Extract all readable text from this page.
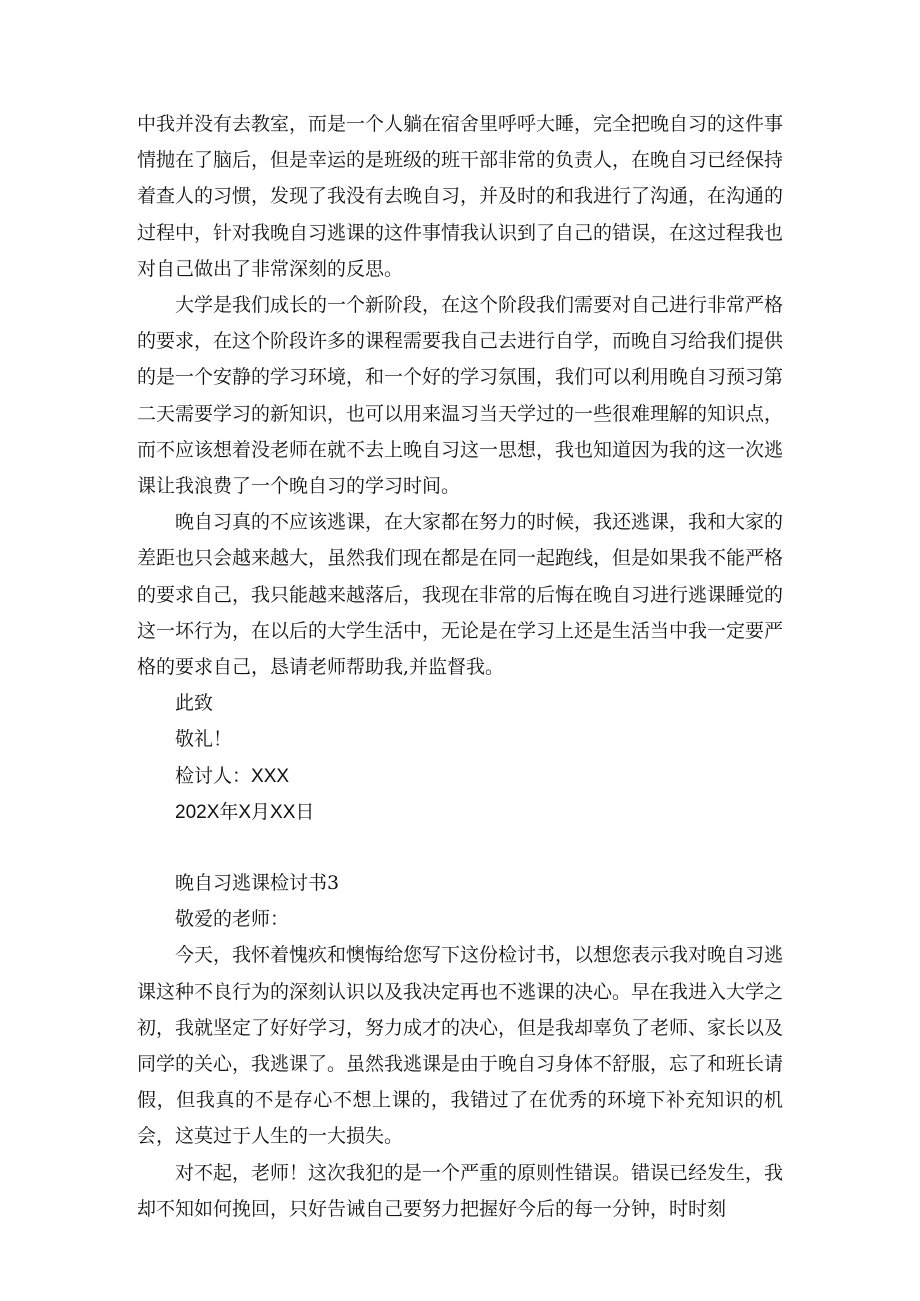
中我并没有去教室，而是一个人躺在宿舍里呼呼大睡，完全把晚自习的这件事情抛在了脑后，但是幸运的是班级的班干部非常的负责人，在晚自习已经保持着查人的习惯，发现了我没有去晚自习，并及时的和我进行了沟通，在沟通的过程中，针对我晚自习逃课的这件事情我认识到了自己的错误，在这过程我也对自己做出了非常深刻的反思。

大学是我们成长的一个新阶段，在这个阶段我们需要对自己进行非常严格的要求，在这个阶段许多的课程需要我自己去进行自学，而晚自习给我们提供的是一个安静的学习环境，和一个好的学习氛围，我们可以利用晚自习预习第二天需要学习的新知识，也可以用来温习当天学过的一些很难理解的知识点，而不应该想着没老师在就不去上晚自习这一思想，我也知道因为我的这一次逃课让我浪费了一个晚自习的学习时间。

晚自习真的不应该逃课，在大家都在努力的时候，我还逃课，我和大家的差距也只会越来越大，虽然我们现在都是在同一起跑线，但是如果我不能严格的要求自己，我只能越来越落后，我现在非常的后悔在晚自习进行逃课睡觉的这一坏行为，在以后的大学生活中，无论是在学习上还是生活当中我一定要严格的要求自己，恳请老师帮助我,并监督我。

此致

敬礼！

检讨人：XXX

202X年X月XX日

晚自习逃课检讨书3

敬爱的老师：

今天，我怀着愧疚和懊悔给您写下这份检讨书，以想您表示我对晚自习逃课这种不良行为的深刻认识以及我决定再也不逃课的决心。早在我进入大学之初，我就坚定了好好学习，努力成才的决心，但是我却辜负了老师、家长以及同学的关心，我逃课了。虽然我逃课是由于晚自习身体不舒服，忘了和班长请假，但我真的不是存心不想上课的，我错过了在优秀的环境下补充知识的机会，这莫过于人生的一大损失。

对不起，老师！这次我犯的是一个严重的原则性错误。错误已经发生，我却不知如何挽回，只好告诫自己要努力把握好今后的每一分钟，时时刻
